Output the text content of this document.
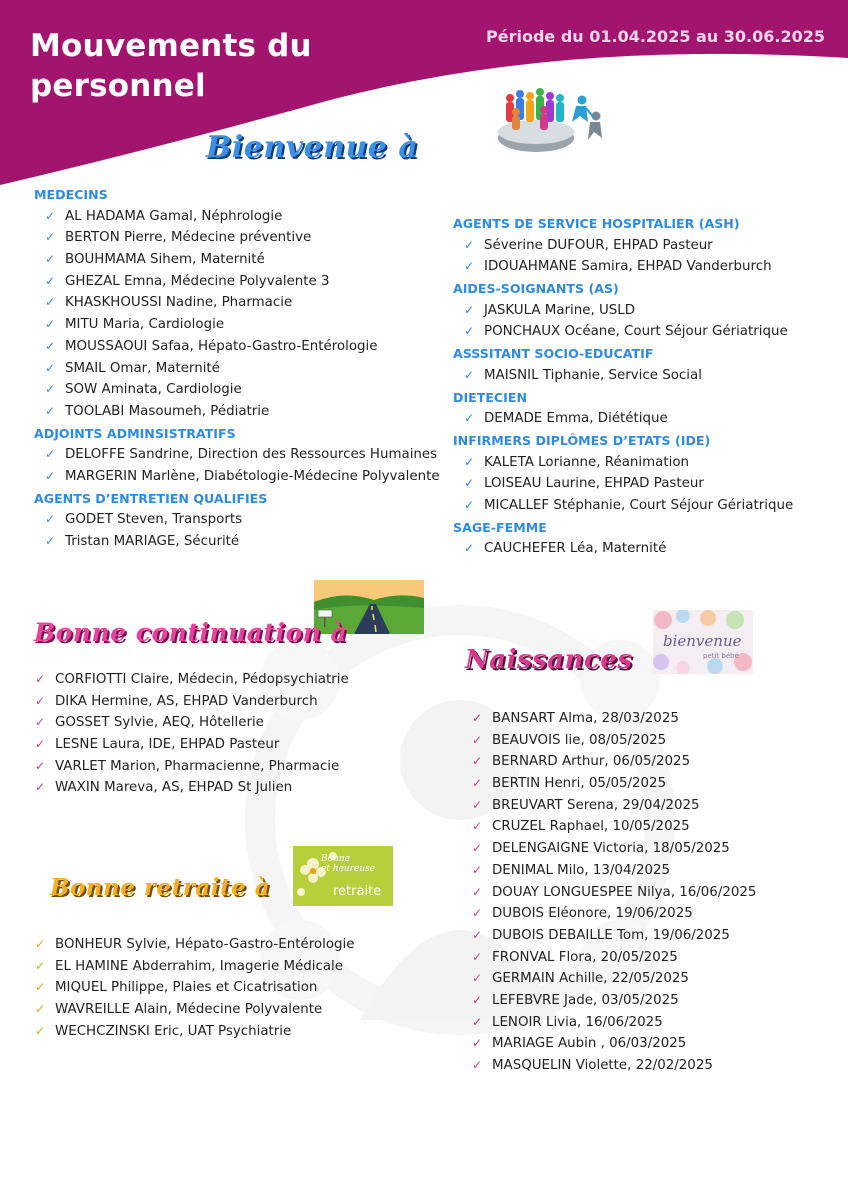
Mouvements du
personnel
Période du 01.04.2025 au 30.06.2025
Bienvenue à
MEDECINS
✓ AL HADAMA Gamal, Néphrologie
✓ BERTON Pierre, Médecine préventive
✓ BOUHMAMA Sihem, Maternité
✓ GHEZAL Emna, Médecine Polyvalente 3
✓ KHASKHOUSSI Nadine, Pharmacie
✓ MITU Maria, Cardiologie
✓ MOUSSAOUI Safaa, Hépato-Gastro-Entérologie
✓ SMAIL Omar, Maternité
✓ SOW Aminata, Cardiologie
✓ TOOLABI Masoumeh, Pédiatrie
ADJOINTS ADMINSISTRATIFS
✓ DELOFFE Sandrine, Direction des Ressources Humaines
✓ MARGERIN Marlène, Diabétologie-Médecine Polyvalente
AGENTS D’ENTRETIEN QUALIFIES
✓ GODET Steven, Transports
✓ Tristan MARIAGE, Sécurité
AGENTS DE SERVICE HOSPITALIER (ASH)
✓ Séverine DUFOUR, EHPAD Pasteur
✓ IDOUAHMANE Samira, EHPAD Vanderburch
AIDES-SOIGNANTS (AS)
✓ JASKULA Marine, USLD
✓ PONCHAUX Océane, Court Séjour Gériatrique
ASSSITANT SOCIO-EDUCATIF
✓ MAISNIL Tiphanie, Service Social
DIETECIEN
✓ DEMADE Emma, Diététique
INFIRMERS DIPLÔMES D’ETATS (IDE)
✓ KALETA Lorianne, Réanimation
✓ LOISEAU Laurine, EHPAD Pasteur
✓ MICALLEF Stéphanie, Court Séjour Gériatrique
SAGE-FEMME
✓ CAUCHEFER Léa, Maternité
Bonne continuation à
✓ CORFIOTTI Claire, Médecin, Pédopsychiatrie
✓ DIKA Hermine, AS, EHPAD Vanderburch
✓ GOSSET Sylvie, AEQ, Hôtellerie
✓ LESNE Laura, IDE, EHPAD Pasteur
✓ VARLET Marion, Pharmacienne, Pharmacie
✓ WAXIN Mareva, AS, EHPAD St Julien
Bonne
et heureuse
retraite
Bonne retraite à
✓ BONHEUR Sylvie, Hépato-Gastro-Entérologie
✓ EL HAMINE Abderrahim, Imagerie Médicale
✓ MIQUEL Philippe, Plaies et Cicatrisation
✓ WAVREILLE Alain, Médecine Polyvalente
✓ WECHCZINSKI Eric, UAT Psychiatrie
bienvenue
petit bébé
Naissances
✓ BANSART Alma, 28/03/2025
✓ BEAUVOIS lie, 08/05/2025
✓ BERNARD Arthur, 06/05/2025
✓ BERTIN Henri, 05/05/2025
✓ BREUVART Serena, 29/04/2025
✓ CRUZEL Raphael, 10/05/2025
✓ DELENGAIGNE Victoria, 18/05/2025
✓ DENIMAL Milo, 13/04/2025
✓ DOUAY LONGUESPEE Nilya, 16/06/2025
✓ DUBOIS Eléonore, 19/06/2025
✓ DUBOIS DEBAILLE Tom, 19/06/2025
✓ FRONVAL Flora, 20/05/2025
✓ GERMAIN Achille, 22/05/2025
✓ LEFEBVRE Jade, 03/05/2025
✓ LENOIR Livia, 16/06/2025
✓ MARIAGE Aubin , 06/03/2025
✓ MASQUELIN Violette, 22/02/2025
